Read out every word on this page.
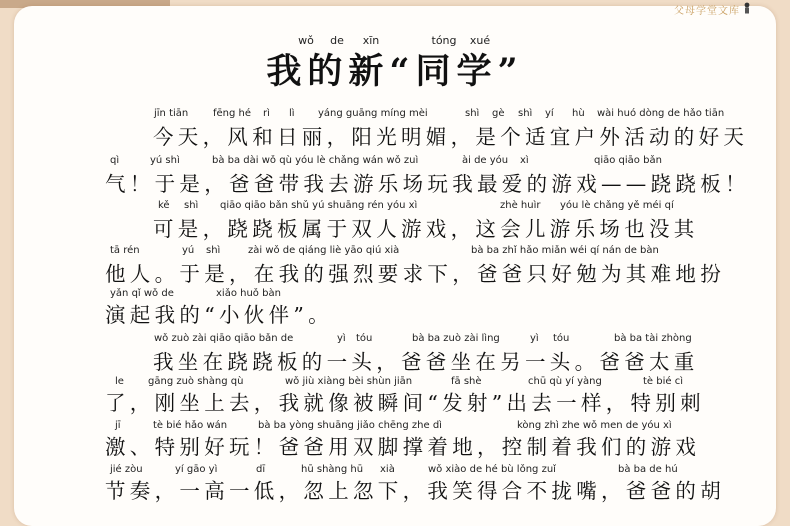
父母学堂文库
wǒ de xīn	tóng xué
我的新“同学”
jīn tiān fēng hé rì lì yáng guāng míng mèi	shì gè shì yí hù wài huó dòng de hǎo tiān
今天，风和日丽，阳光明媚，是个适宜户外活动的好天
qì	yú shì	bà ba dài wǒ qù yóu lè chǎng wán wǒ zuì	ài de yóu xì	qiāo qiāo bǎn
气！于是，爸爸带我去游乐场玩我最爱的游戏——跷跷板！
kě shì qiāo qiāo bǎn shǔ yú shuāng rén yóu xì	zhè huìr yóu lè chǎng yě méi qí
可是，跷跷板属于双人游戏，这会儿游乐场也没其
tā rén	yú shì	zài wǒ de qiáng liè yāo qiú xià	bà ba zhǐ hǎo miǎn wéi qí nán de bàn
他人。于是，在我的强烈要求下，爸爸只好勉为其难地扮
yǎn qǐ wǒ de	xiǎo huǒ bàn
演起我的“小伙伴”。
wǒ zuò zài qiāo qiāo bǎn de	yì tóu	bà ba zuò zài lìng	yì tóu	bà ba tài zhòng
我坐在跷跷板的一头，爸爸坐在另一头。爸爸太重
le gāng zuò shàng qù	wǒ jiù xiàng bèi shùn jiān	fā shè	chū qù yí yàng	tè bié cì
了，刚坐上去，我就像被瞬间“发射”出去一样，特别刺
jī	tè bié hǎo wán	bà ba yòng shuāng jiǎo chēng zhe dì	kòng zhì zhe wǒ men de yóu xì
激、特别好玩！爸爸用双脚撑着地，控制着我们的游戏
jié zòu	yí gāo yì	dī	hū shàng hū xià	wǒ xiào de hé bù lǒng zuǐ	bà ba de hú
节奏，一高一低，忽上忽下，我笑得合不拢嘴，爸爸的胡
